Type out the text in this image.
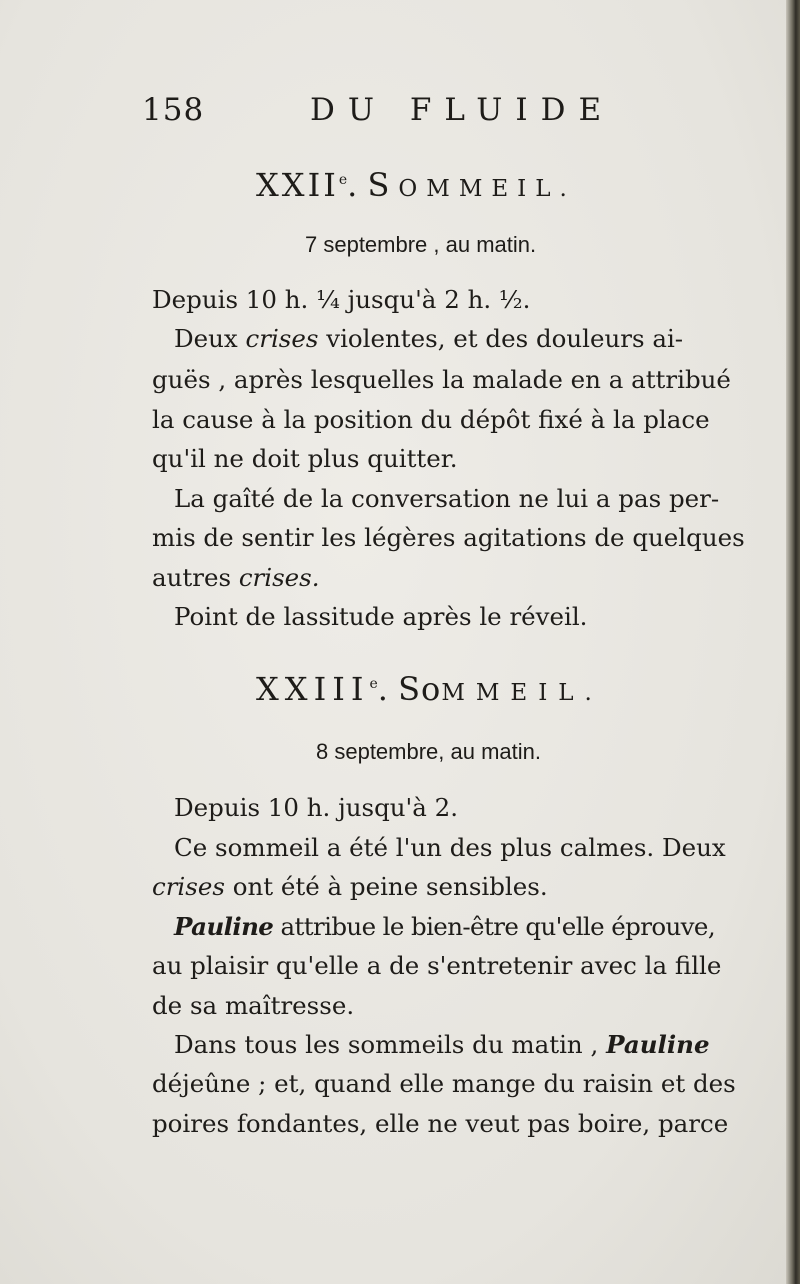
158	DU FLUIDE
XXIIe. SOMMEIL.
7 septembre , au matin.
Depuis 10 h. ¼ jusqu'à 2 h. ½.
Deux crises violentes, et des douleurs ai-
guës , après lesquelles la malade en a attribué
la cause à la position du dépôt fixé à la place
qu'il ne doit plus quitter.
La gaîté de la conversation ne lui a pas per-
mis de sentir les légères agitations de quelques
autres crises.
Point de lassitude après le réveil.
XXIIIe. SoMMEIL.
8 septembre, au matin.
Depuis 10 h. jusqu'à 2.
Ce sommeil a été l'un des plus calmes. Deux
crises ont été à peine sensibles.
Pauline attribue le bien-être qu'elle éprouve,
au plaisir qu'elle a de s'entretenir avec la fille
de sa maîtresse.
Dans tous les sommeils du matin , Pauline
déjeûne ; et, quand elle mange du raisin et des
poires fondantes, elle ne veut pas boire, parce
